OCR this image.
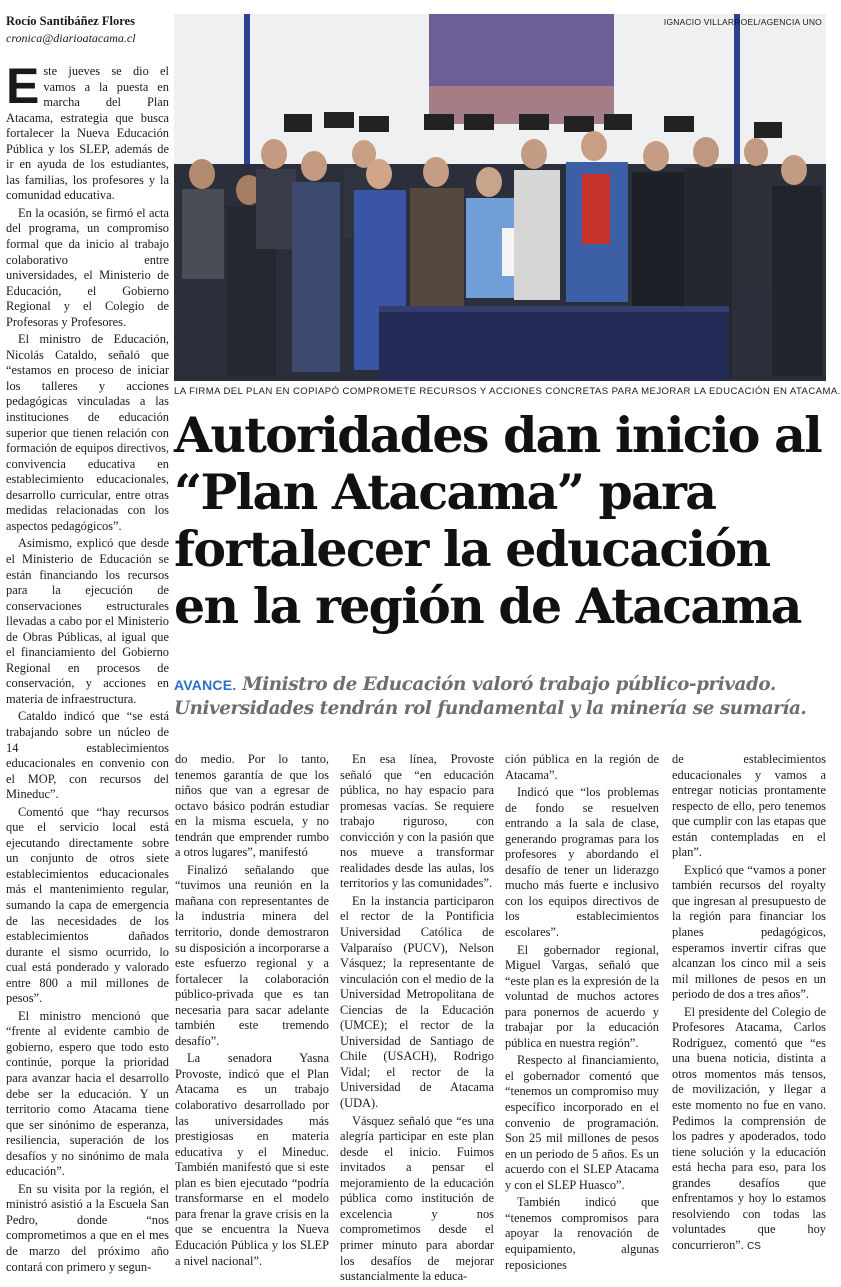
Rocío Santibáñez Flores
cronica@diarioatacama.cl

Este jueves se dio el vamos a la puesta en marcha del Plan Atacama, estrategia que busca fortalecer la Nueva Educación Pública y los SLEP, además de ir en ayuda de los estudiantes, las familias, los profesores y la comunidad educativa.

En la ocasión, se firmó el acta del programa, un compromiso formal que da inicio al trabajo colaborativo entre universidades, el Ministerio de Educación, el Gobierno Regional y el Colegio de Profesoras y Profesores.

El ministro de Educación, Nicolás Cataldo, señaló que “estamos en proceso de iniciar los talleres y acciones pedagógicas vinculadas a las instituciones de educación superior que tienen relación con formación de equipos directivos, convivencia educativa en establecimiento educacionales, desarrollo curricular, entre otras medidas relacionadas con los aspectos pedagógicos”.

Asimismo, explicó que desde el Ministerio de Educación se están financiando los recursos para la ejecución de conservaciones estructurales llevadas a cabo por el Ministerio de Obras Públicas, al igual que el financiamiento del Gobierno Regional en procesos de conservación, y acciones en materia de infraestructura.

Cataldo indicó que “se está trabajando sobre un núcleo de 14 establecimientos educacionales en convenio con el MOP, con recursos del Mineduc”.

Comentó que “hay recursos que el servicio local está ejecutando directamente sobre un conjunto de otros siete establecimientos educacionales más el mantenimiento regular, sumando la capa de emergencia de las necesidades de los establecimientos dañados durante el sismo ocurrido, lo cual está ponderado y valorado entre 800 a mil millones de pesos”.

El ministro mencionó que “frente al evidente cambio de gobierno, espero que todo esto continúe, porque la prioridad para avanzar hacia el desarrollo debe ser la educación. Y un territorio como Atacama tiene que ser sinónimo de esperanza, resiliencia, superación de los desafíos y no sinónimo de mala educación”.

En su visita por la región, el ministró asistió a la Escuela San Pedro, donde “nos comprometimos a que en el mes de marzo del próximo año contará con primero y segun-

IGNACIO VILLARROEL/AGENCIA UNO
LA FIRMA DEL PLAN EN COPIAPÓ COMPROMETE RECURSOS Y ACCIONES CONCRETAS PARA MEJORAR LA EDUCACIÓN EN ATACAMA.
Autoridades dan inicio al “Plan Atacama” para fortalecer la educación en la región de Atacama
AVANCE. Ministro de Educación valoró trabajo público-privado. Universidades tendrán rol fundamental y la minería se sumaría.

do medio. Por lo tanto, tenemos garantía de que los niños que van a egresar de octavo básico podrán estudiar en la misma escuela, y no tendrán que emprender rumbo a otros lugares”, manifestó

Finalizó señalando que “tuvimos una reunión en la mañana con representantes de la industria minera del territorio, donde demostraron su disposición a incorporarse a este esfuerzo regional y a fortalecer la colaboración público-privada que es tan necesaria para sacar adelante también este tremendo desafío”.

La senadora Yasna Provoste, indicó que el Plan Atacama es un trabajo colaborativo desarrollado por las universidades más prestigiosas en materia educativa y el Mineduc. También manifestó que si este plan es bien ejecutado “podría transformarse en el modelo para frenar la grave crisis en la que se encuentra la Nueva Educación Pública y los SLEP a nivel nacional”.

En esa línea, Provoste señaló que “en educación pública, no hay espacio para promesas vacías. Se requiere trabajo riguroso, con convicción y con la pasión que nos mueve a transformar realidades desde las aulas, los territorios y las comunidades”.

En la instancia participaron el rector de la Pontificia Universidad Católica de Valparaíso (PUCV), Nelson Vásquez; la representante de vinculación con el medio de la Universidad Metropolitana de Ciencias de la Educación (UMCE); el rector de la Universidad de Santiago de Chile (USACH), Rodrigo Vidal; el rector de la Universidad de Atacama (UDA).

Vásquez señaló que “es una alegría participar en este plan desde el inicio. Fuimos invitados a pensar el mejoramiento de la educación pública como institución de excelencia y nos comprometimos desde el primer minuto para abordar los desafíos de mejorar sustancialmente la educa-

ción pública en la región de Atacama”.

Indicó que “los problemas de fondo se resuelven entrando a la sala de clase, generando programas para los profesores y abordando el desafío de tener un liderazgo mucho más fuerte e inclusivo con los equipos directivos de los establecimientos escolares”.

El gobernador regional, Miguel Vargas, señaló que “este plan es la expresión de la voluntad de muchos actores para ponernos de acuerdo y trabajar por la educación pública en nuestra región”.

Respecto al financiamiento, el gobernador comentó que “tenemos un compromiso muy específico incorporado en el convenio de programación. Son 25 mil millones de pesos en un periodo de 5 años. Es un acuerdo con el SLEP Atacama y con el SLEP Huasco”.

También indicó que “tenemos compromisos para apoyar la renovación de equipamiento, algunas reposiciones

de establecimientos educacionales y vamos a entregar noticias prontamente respecto de ello, pero tenemos que cumplir con las etapas que están contempladas en el plan”.

Explicó que “vamos a poner también recursos del royalty que ingresan al presupuesto de la región para financiar los planes pedagógicos, esperamos invertir cifras que alcanzan los cinco mil a seis mil millones de pesos en un periodo de dos a tres años”.

El presidente del Colegio de Profesores Atacama, Carlos Rodríguez, comentó que “es una buena noticia, distinta a otros momentos más tensos, de movilización, y llegar a este momento no fue en vano. Pedimos la comprensión de los padres y apoderados, todo tiene solución y la educación está hecha para eso, para los grandes desafíos que enfrentamos y hoy lo estamos resolviendo con todas las voluntades que hoy concurrieron”. CS
